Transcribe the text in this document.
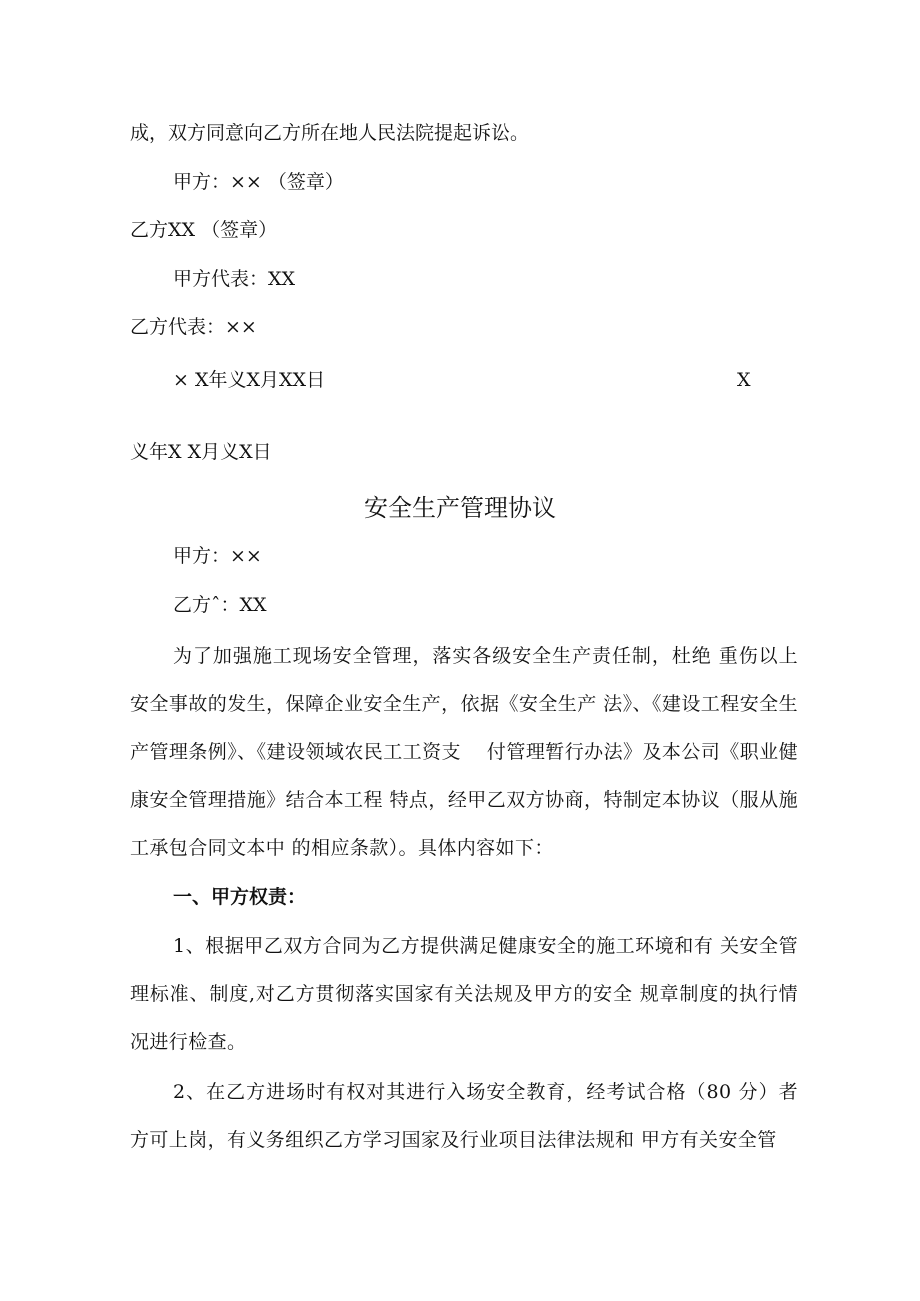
成，双方同意向乙方所在地人民法院提起诉讼。
甲方：×× （签章）
乙方XX （签章）
甲方代表：XX
乙方代表：××
× X年义X月XX日	X
义年X X月义X日
安全生产管理协议
甲方：××
乙方ˆ：XX
为了加强施工现场安全管理，落实各级安全生产责任制，杜绝 重伤以上安全事故的发生，保障企业安全生产，依据《安全生产 法》、《建设工程安全生产管理条例》、《建设领域农民工工资支　 付管理暂行办法》及本公司《职业健康安全管理措施》结合本工程 特点，经甲乙双方协商，特制定本协议（服从施工承包合同文本中 的相应条款）。具体内容如下：
一、甲方权责：
1、根据甲乙双方合同为乙方提供满足健康安全的施工环境和有 关安全管理标准、制度,对乙方贯彻落实国家有关法规及甲方的安全 规章制度的执行情况进行检查。
2、在乙方进场时有权对其进行入场安全教育，经考试合格（80 分）者方可上岗，有义务组织乙方学习国家及行业项目法律法规和 甲方有关安全管
